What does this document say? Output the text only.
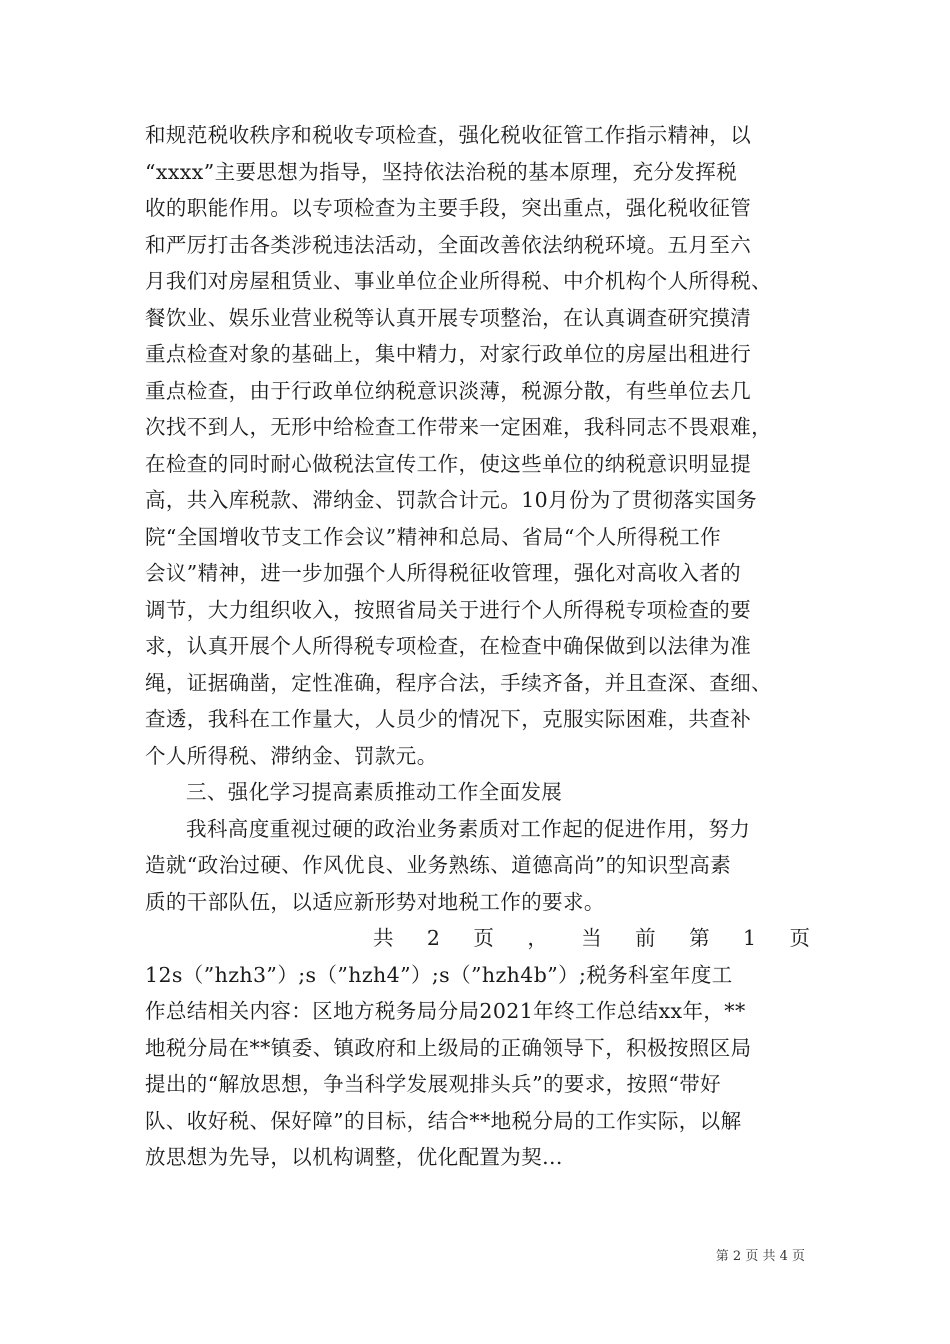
和规范税收秩序和税收专项检查，强化税收征管工作指示精神，以
“xxxx”主要思想为指导，坚持依法治税的基本原理，充分发挥税
收的职能作用。以专项检查为主要手段，突出重点，强化税收征管
和严厉打击各类涉税违法活动，全面改善依法纳税环境。五月至六
月我们对房屋租赁业、事业单位企业所得税、中介机构个人所得税、
餐饮业、娱乐业营业税等认真开展专项整治，在认真调查研究摸清
重点检查对象的基础上，集中精力，对家行政单位的房屋出租进行
重点检查，由于行政单位纳税意识淡薄，税源分散，有些单位去几
次找不到人，无形中给检查工作带来一定困难，我科同志不畏艰难，
在检查的同时耐心做税法宣传工作，使这些单位的纳税意识明显提
高，共入库税款、滞纳金、罚款合计元。10月份为了贯彻落实国务
院“全国增收节支工作会议”精神和总局、省局“个人所得税工作
会议”精神，进一步加强个人所得税征收管理，强化对高收入者的
调节，大力组织收入，按照省局关于进行个人所得税专项检查的要
求，认真开展个人所得税专项检查，在检查中确保做到以法律为准
绳，证据确凿，定性准确，程序合法，手续齐备，并且查深、查细、
查透，我科在工作量大，人员少的情况下，克服实际困难，共查补
个人所得税、滞纳金、罚款元。
三、强化学习提高素质推动工作全面发展
我科高度重视过硬的政治业务素质对工作起的促进作用，努力
造就“政治过硬、作风优良、业务熟练、道德高尚”的知识型高素
质的干部队伍，以适应新形势对地税工作的要求。
共 2 页 ， 当 前 第 1 页
12s（”hzh3”）;s（”hzh4”）;s（”hzh4b”）;税务科室年度工
作总结相关内容：区地方税务局分局2021年终工作总结xx年，**
地税分局在**镇委、镇政府和上级局的正确领导下，积极按照区局
提出的“解放思想，争当科学发展观排头兵”的要求，按照“带好
队、收好税、保好障”的目标，结合**地税分局的工作实际，以解
放思想为先导，以机构调整，优化配置为契...
第 2 页 共 4 页
